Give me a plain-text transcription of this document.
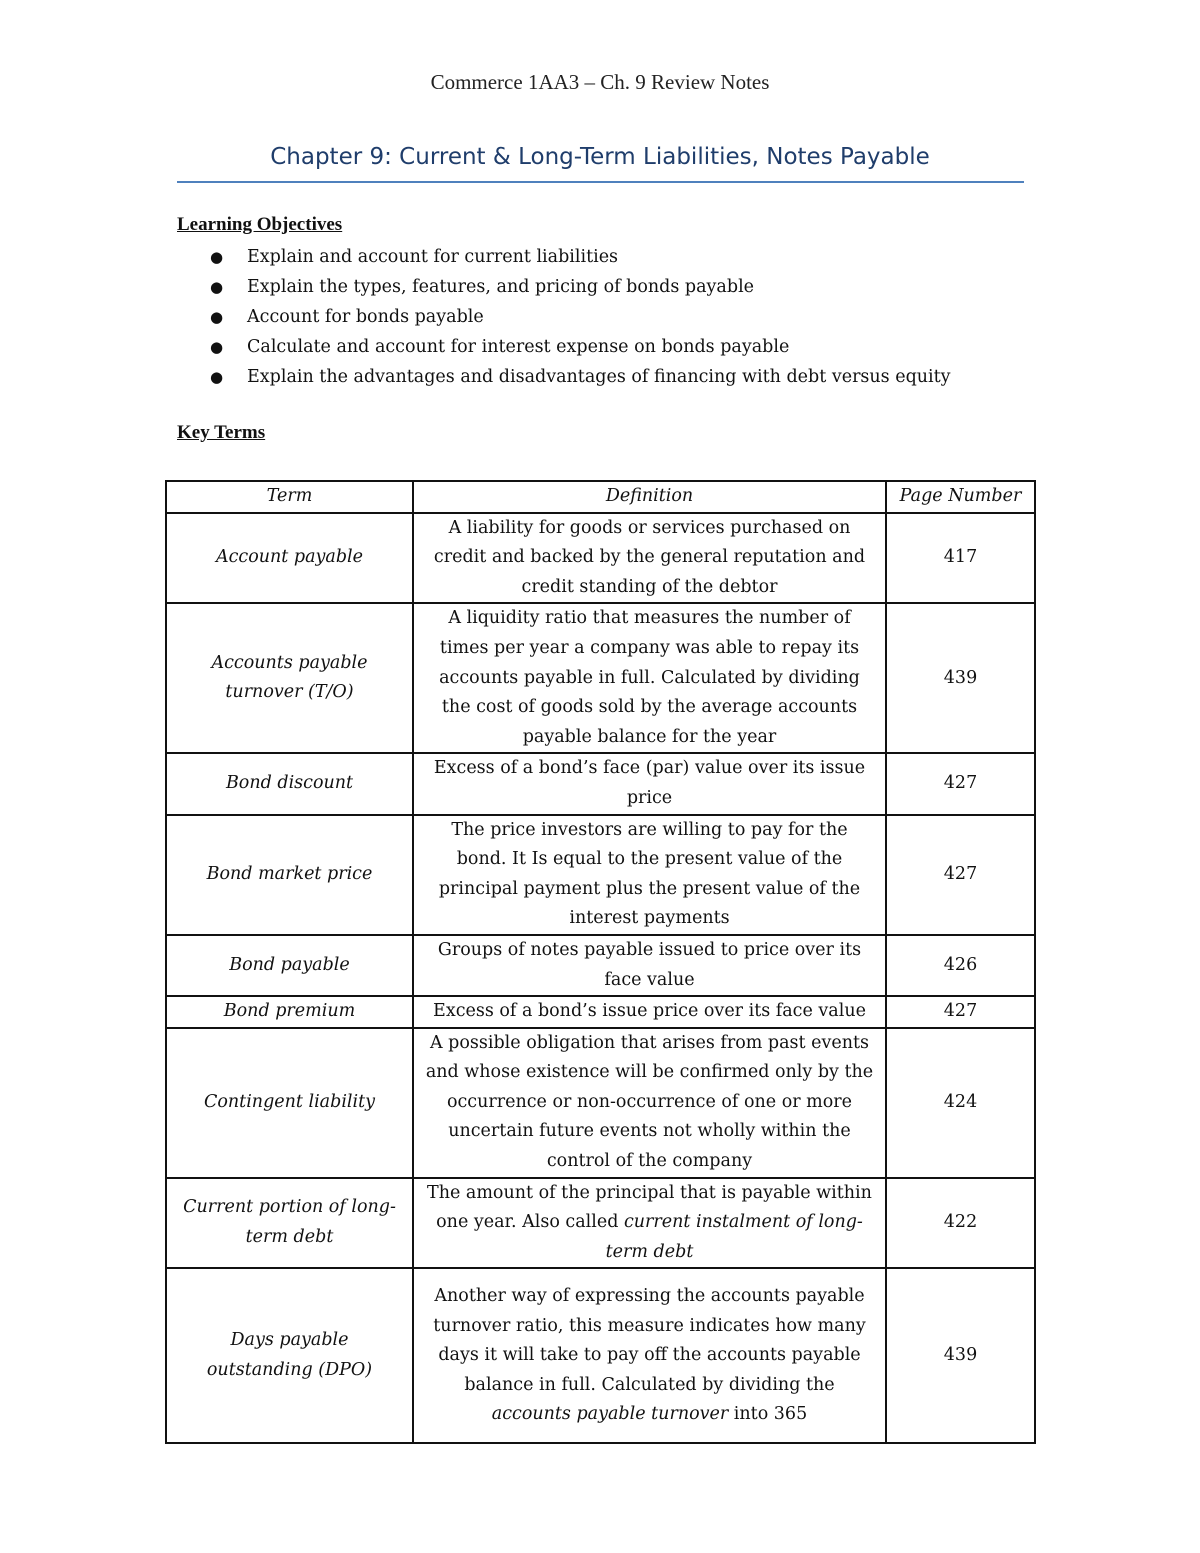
Commerce 1AA3 – Ch. 9 Review Notes
Chapter 9: Current & Long-Term Liabilities, Notes Payable
Learning Objectives
● Explain and account for current liabilities
● Explain the types, features, and pricing of bonds payable
● Account for bonds payable
● Calculate and account for interest expense on bonds payable
● Explain the advantages and disadvantages of financing with debt versus equity
Key Terms
Term	Definition	Page Number
Account payable	A liability for goods or services purchased on credit and backed by the general reputation and credit standing of the debtor	417
Accounts payable turnover (T/O)	A liquidity ratio that measures the number of times per year a company was able to repay its accounts payable in full. Calculated by dividing the cost of goods sold by the average accounts payable balance for the year	439
Bond discount	Excess of a bond’s face (par) value over its issue price	427
Bond market price	The price investors are willing to pay for the bond. It Is equal to the present value of the principal payment plus the present value of the interest payments	427
Bond payable	Groups of notes payable issued to price over its face value	426
Bond premium	Excess of a bond’s issue price over its face value	427
Contingent liability	A possible obligation that arises from past events and whose existence will be confirmed only by the occurrence or non-occurrence of one or more uncertain future events not wholly within the control of the company	424
Current portion of long-term debt	The amount of the principal that is payable within one year. Also called current instalment of long-term debt	422
Days payable outstanding (DPO)	Another way of expressing the accounts payable turnover ratio, this measure indicates how many days it will take to pay off the accounts payable balance in full. Calculated by dividing the accounts payable turnover into 365	439
